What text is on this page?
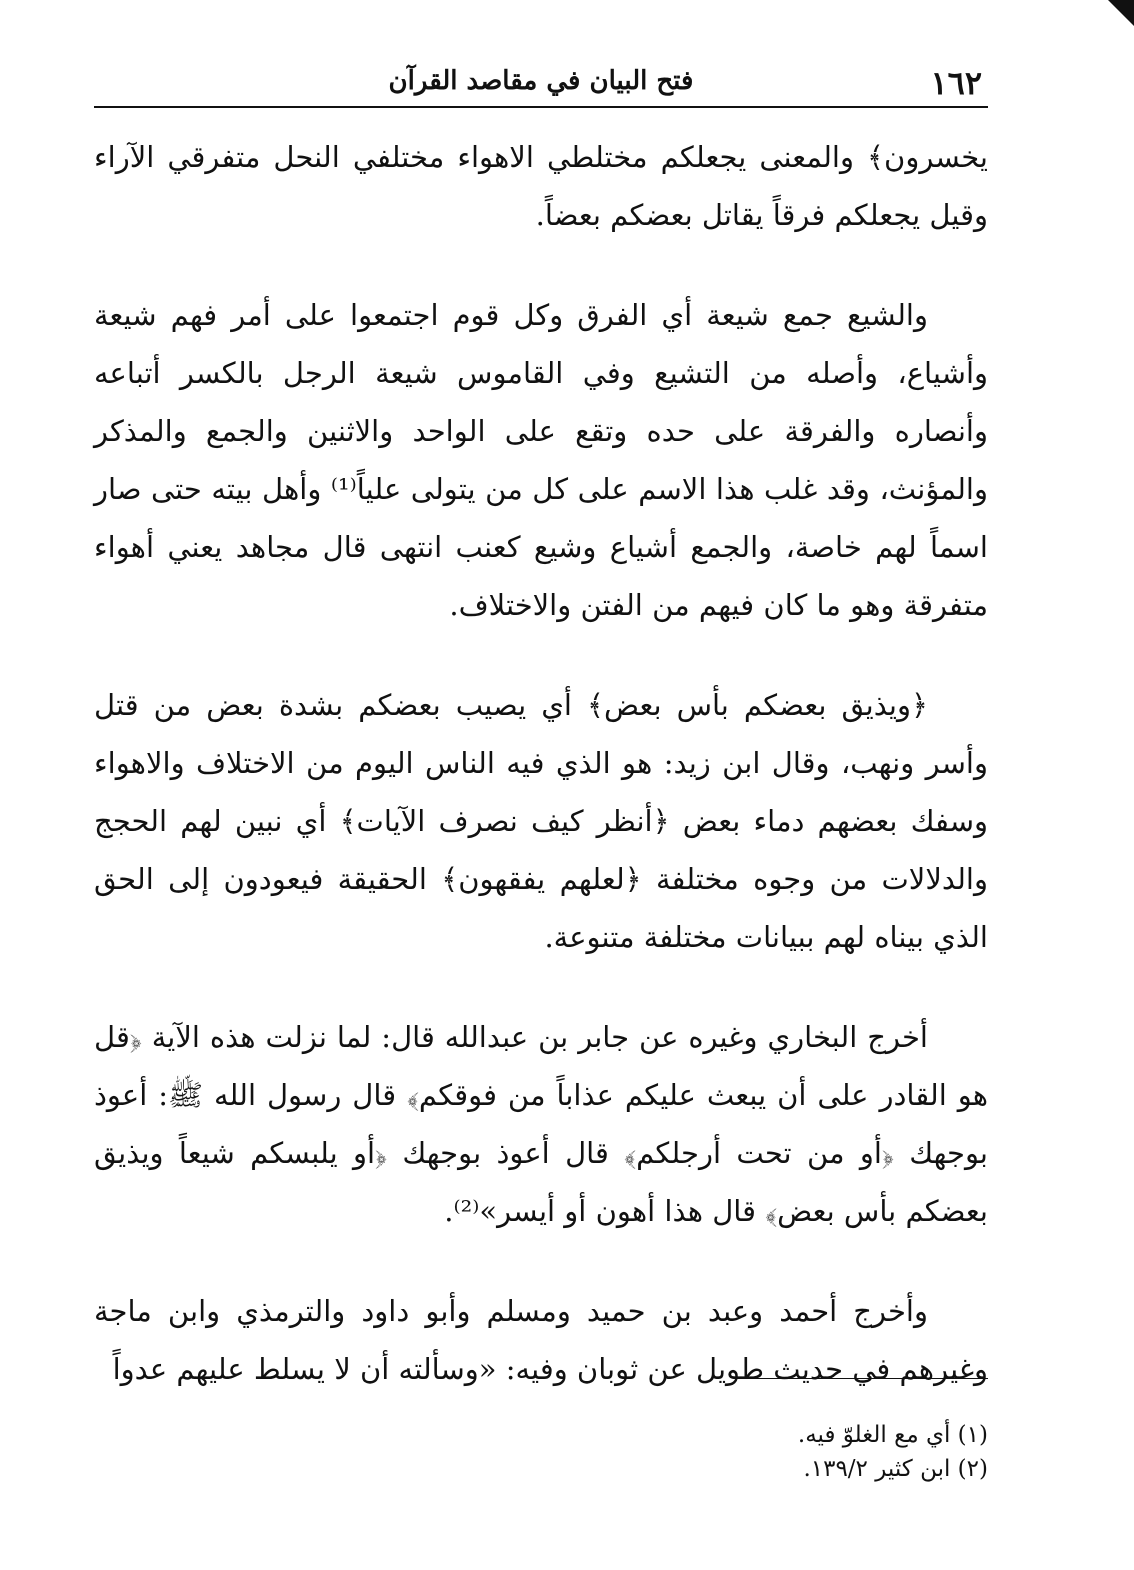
١٦٢
فتح البيان في مقاصد القرآن

يخسرون﴾ والمعنى يجعلكم مختلطي الاهواء مختلفي النحل متفرقي الآراء وقيل يجعلكم فرقاً يقاتل بعضكم بعضاً.

والشيع جمع شيعة أي الفرق وكل قوم اجتمعوا على أمر فهم شيعة وأشياع، وأصله من التشيع وفي القاموس شيعة الرجل بالكسر أتباعه وأنصاره والفرقة على حده وتقع على الواحد والاثنين والجمع والمذكر والمؤنث، وقد غلب هذا الاسم على كل من يتولى علياً⁽¹⁾ وأهل بيته حتى صار اسماً لهم خاصة، والجمع أشياع وشيع كعنب انتهى قال مجاهد يعني أهواء متفرقة وهو ما كان فيهم من الفتن والاختلاف.

﴿ويذيق بعضكم بأس بعض﴾ أي يصيب بعضكم بشدة بعض من قتل وأسر ونهب، وقال ابن زيد: هو الذي فيه الناس اليوم من الاختلاف والاهواء وسفك بعضهم دماء بعض ﴿أنظر كيف نصرف الآيات﴾ أي نبين لهم الحجج والدلالات من وجوه مختلفة ﴿لعلهم يفقهون﴾ الحقيقة فيعودون إلى الحق الذي بيناه لهم ببيانات مختلفة متنوعة.

أخرج البخاري وغيره عن جابر بن عبدالله قال: لما نزلت هذه الآية ﴿قل هو القادر على أن يبعث عليكم عذاباً من فوقكم﴾ قال رسول الله ﷺ: أعوذ بوجهك ﴿أو من تحت أرجلكم﴾ قال أعوذ بوجهك ﴿أو يلبسكم شيعاً ويذيق بعضكم بأس بعض﴾ قال هذا أهون أو أيسر»⁽²⁾.

وأخرج أحمد وعبد بن حميد ومسلم وأبو داود والترمذي وابن ماجة وغيرهم في حديث طويل عن ثوبان وفيه: «وسألته أن لا يسلط عليهم عدواً

(١) أي مع الغلوّ فيه.
(٢) ابن كثير ١٣٩/٢.
